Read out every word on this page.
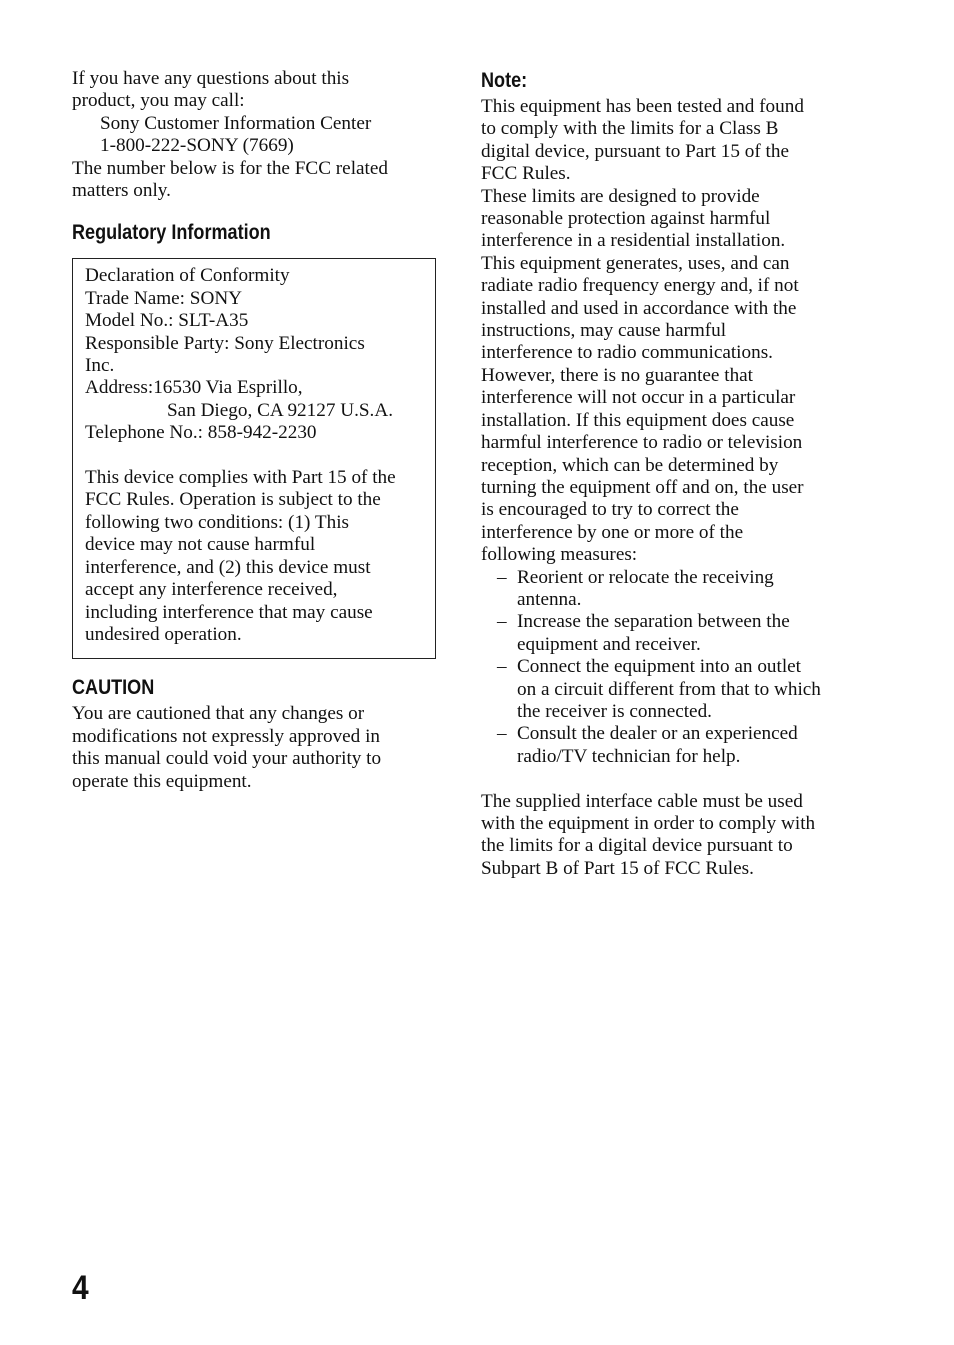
If you have any questions about this

product, you may call:

Sony Customer Information Center

1-800-222-SONY (7669)

The number below is for the FCC related

matters only.

Regulatory Information

Declaration of Conformity

Trade Name: SONY

Model No.: SLT-A35

Responsible Party: Sony Electronics

Inc.

Address:16530 Via Esprillo,

San Diego, CA 92127 U.S.A.

Telephone No.: 858-942-2230

This device complies with Part 15 of the

FCC Rules. Operation is subject to the

following two conditions: (1) This

device may not cause harmful

interference, and (2) this device must

accept any interference received,

including interference that may cause

undesired operation.

CAUTION

You are cautioned that any changes or

modifications not expressly approved in

this manual could void your authority to

operate this equipment.

Note:

This equipment has been tested and found

to comply with the limits for a Class B

digital device, pursuant to Part 15 of the

FCC Rules.

These limits are designed to provide

reasonable protection against harmful

interference in a residential installation.

This equipment generates, uses, and can

radiate radio frequency energy and, if not

installed and used in accordance with the

instructions, may cause harmful

interference to radio communications.

However, there is no guarantee that

interference will not occur in a particular

installation. If this equipment does cause

harmful interference to radio or television

reception, which can be determined by

turning the equipment off and on, the user

is encouraged to try to correct the

interference by one or more of the

following measures:

– Reorient or relocate the receiving

antenna.

– Increase the separation between the

equipment and receiver.

– Connect the equipment into an outlet

on a circuit different from that to which

the receiver is connected.

– Consult the dealer or an experienced

radio/TV technician for help.

The supplied interface cable must be used

with the equipment in order to comply with

the limits for a digital device pursuant to

Subpart B of Part 15 of FCC Rules.

4
